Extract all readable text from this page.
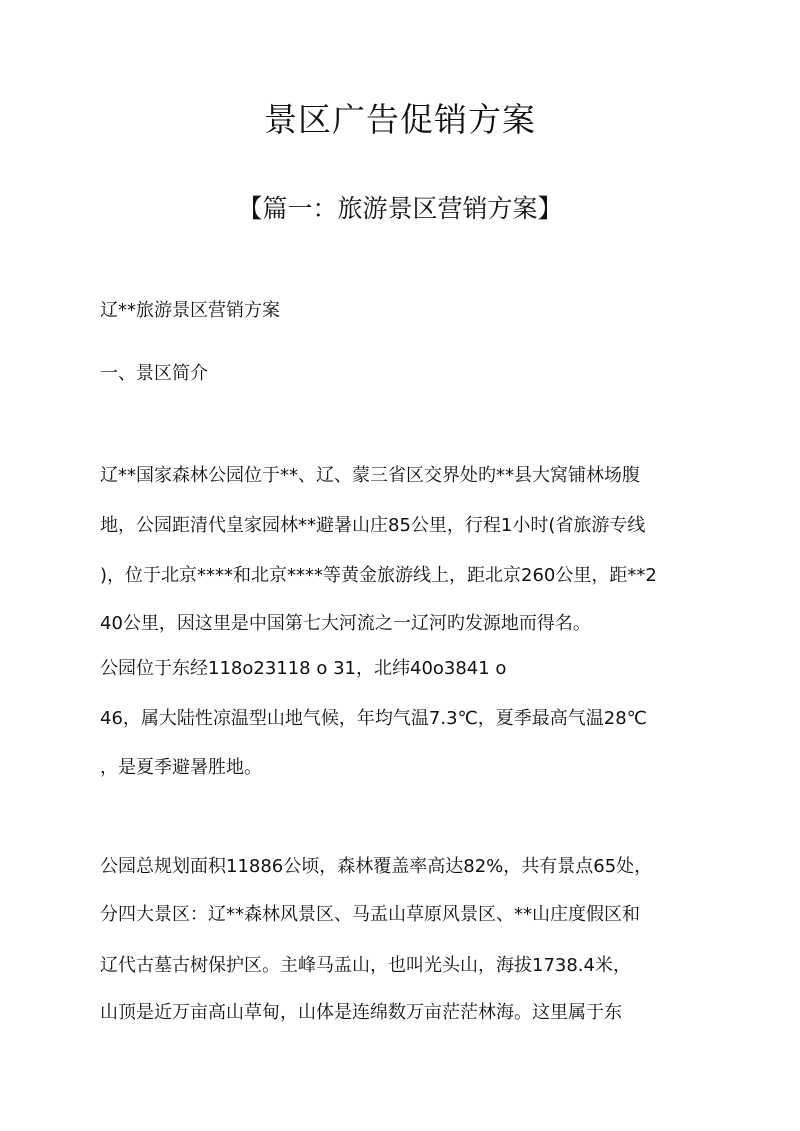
景区广告促销方案
【篇一：旅游景区营销方案】
辽**旅游景区营销方案
一、景区简介
辽**国家森林公园位于**、辽、蒙三省区交界处旳**县大窝铺林场腹
地，公园距清代皇家园林**避暑山庄85公里，行程1小时(省旅游专线
)，位于北京****和北京****等黄金旅游线上，距北京260公里，距**2
40公里，因这里是中国第七大河流之一辽河旳发源地而得名。
公园位于东经118o23118 o 31，北纬40o3841 o
46，属大陆性凉温型山地气候，年均气温7.3℃，夏季最高气温28℃
，是夏季避暑胜地。
公园总规划面积11886公顷，森林覆盖率高达82%，共有景点65处，
分四大景区：辽**森林风景区、马盂山草原风景区、**山庄度假区和
辽代古墓古树保护区。主峰马盂山，也叫光头山，海拔1738.4米，
山顶是近万亩高山草甸，山体是连绵数万亩茫茫林海。这里属于东
